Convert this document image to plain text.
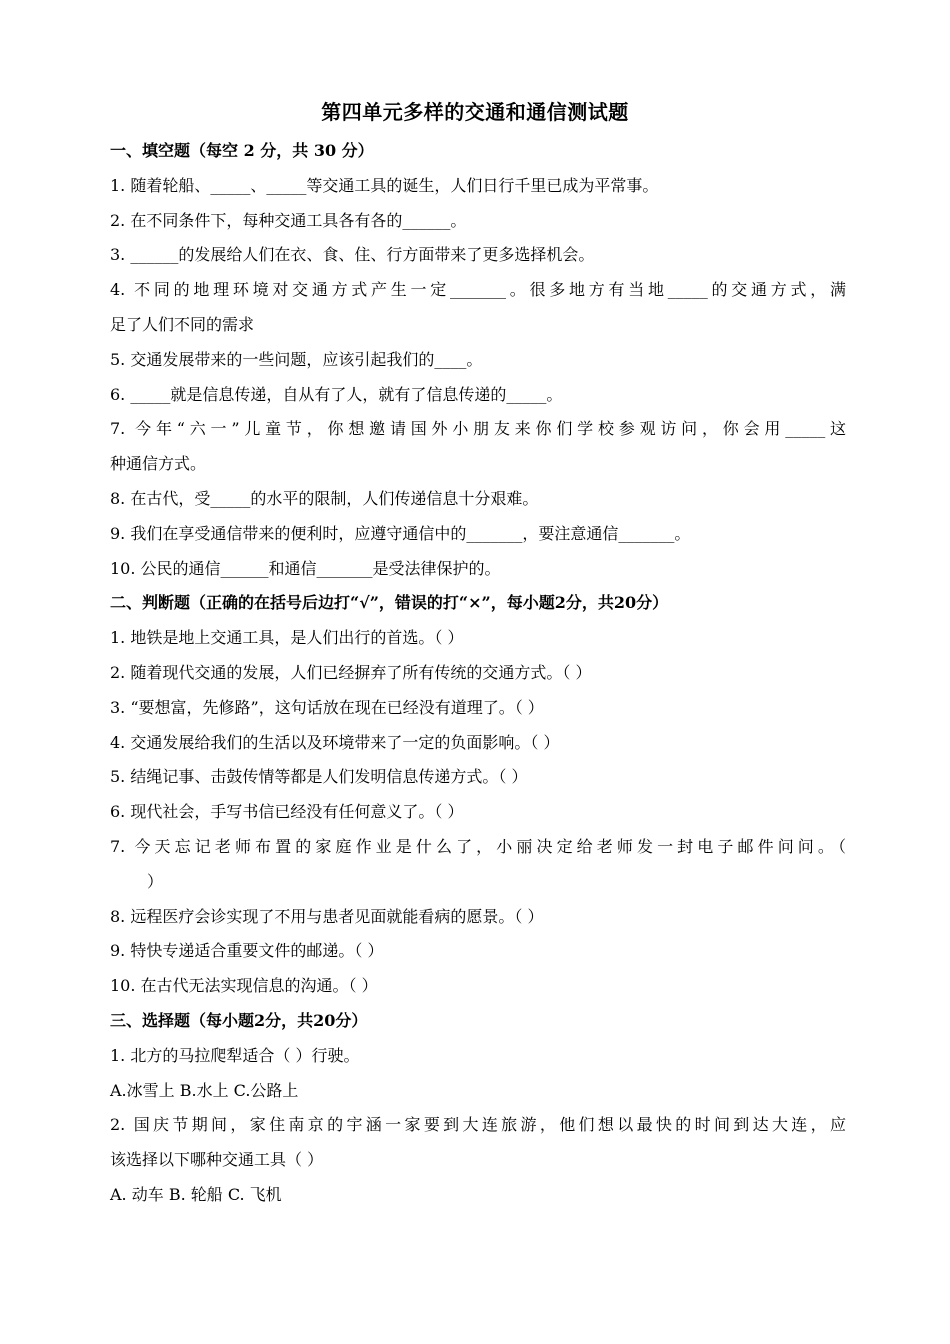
第四单元多样的交通和通信测试题
一、填空题（每空 2 分，共 30 分）
1. 随着轮船、_____、_____等交通工具的诞生，人们日行千里已成为平常事。
2. 在不同条件下，每种交通工具各有各的______。
3. ______的发展给人们在衣、食、住、行方面带来了更多选择机会。
4. 不同的地理环境对交通方式产生一定_______。很多地方有当地_____的交通方式，满
足了人们不同的需求
5. 交通发展带来的一些问题，应该引起我们的____。
6. _____就是信息传递，自从有了人，就有了信息传递的_____。
7. 今年“六一”儿童节，你想邀请国外小朋友来你们学校参观访问，你会用_____这
种通信方式。
8. 在古代，受_____的水平的限制，人们传递信息十分艰难。
9. 我们在享受通信带来的便利时，应遵守通信中的_______，要注意通信_______。
10. 公民的通信______和通信_______是受法律保护的。
二、判断题（正确的在括号后边打“√”，错误的打“×”，每小题2分，共20分）
1. 地铁是地上交通工具，是人们出行的首选。（ ）
2. 随着现代交通的发展，人们已经摒弃了所有传统的交通方式。（ ）
3. “要想富，先修路”，这句话放在现在已经没有道理了。（ ）
4. 交通发展给我们的生活以及环境带来了一定的负面影响。（ ）
5. 结绳记事、击鼓传情等都是人们发明信息传递方式。（ ）
6. 现代社会，手写书信已经没有任何意义了。（ ）
7. 今天忘记老师布置的家庭作业是什么了，小丽决定给老师发一封电子邮件问问。（
）
8. 远程医疗会诊实现了不用与患者见面就能看病的愿景。（ ）
9. 特快专递适合重要文件的邮递。（ ）
10. 在古代无法实现信息的沟通。（ ）
三、选择题（每小题2分，共20分）
1. 北方的马拉爬犁适合（ ）行驶。
A.冰雪上 B.水上 C.公路上
2. 国庆节期间，家住南京的宇涵一家要到大连旅游，他们想以最快的时间到达大连，应
该选择以下哪种交通工具（ ）
A. 动车 B. 轮船 C. 飞机
